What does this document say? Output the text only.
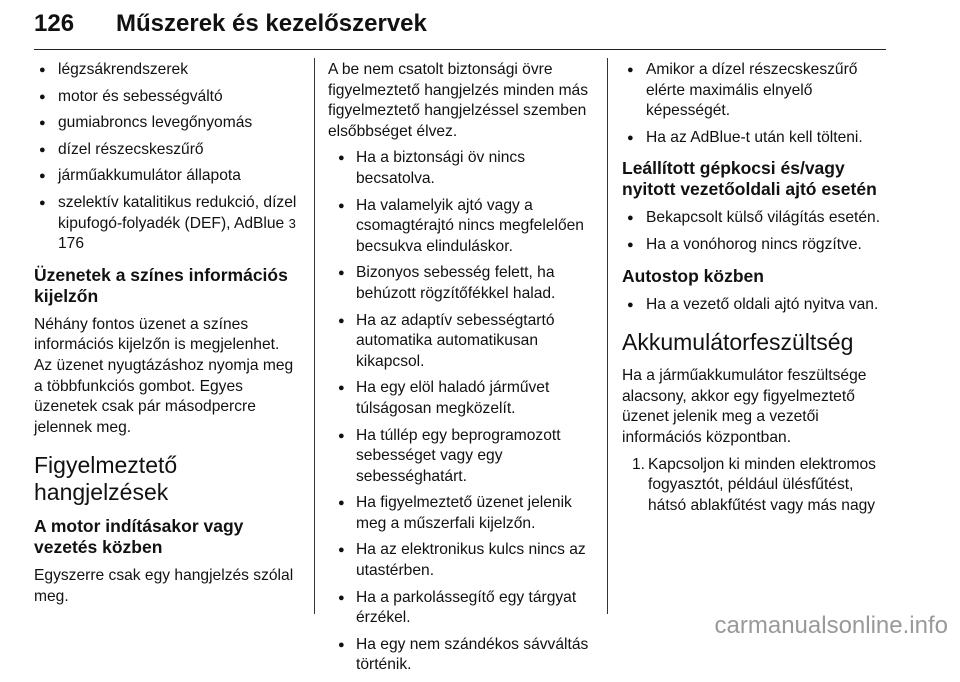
126 Műszerek és kezelőszervek
● légzsákrendszerek
● motor és sebességváltó
● gumiabroncs levegőnyomás
● dízel részecskeszűrő
● járműakkumulátor állapota
● szelektív katalitikus redukció, dízel kipufogó-folyadék (DEF), AdBlue 3 176
Üzenetek a színes információs kijelzőn

Néhány fontos üzenet a színes információs kijelzőn is megjelenhet. Az üzenet nyugtázáshoz nyomja meg a többfunkciós gombot. Egyes üzenetek csak pár másodpercre jelennek meg.

Figyelmeztető hangjelzések
A motor indításakor vagy vezetés közben

Egyszerre csak egy hangjelzés szólal meg.

A be nem csatolt biztonsági övre figyelmeztető hangjelzés minden más figyelmeztető hangjelzéssel szemben elsőbbséget élvez.

● Ha a biztonsági öv nincs becsatolva.
● Ha valamelyik ajtó vagy a csomagtérajtó nincs megfelelően becsukva elinduláskor.
● Bizonyos sebesség felett, ha behúzott rögzítőfékkel halad.
● Ha az adaptív sebességtartó automatika automatikusan kikapcsol.
● Ha egy elöl haladó járművet túlságosan megközelít.
● Ha túllép egy beprogramozott sebességet vagy egy sebességhatárt.
● Ha figyelmeztető üzenet jelenik meg a műszerfali kijelzőn.
● Ha az elektronikus kulcs nincs az utastérben.
● Ha a parkolássegítő egy tárgyat érzékel.
● Ha egy nem szándékos sávváltás történik.
● Amikor a dízel részecskeszűrő elérte maximális elnyelő képességét.
● Ha az AdBlue-t után kell tölteni.
Leállított gépkocsi és/vagy nyitott vezetőoldali ajtó esetén
● Bekapcsolt külső világítás esetén.
● Ha a vonóhorog nincs rögzítve.
Autostop közben
● Ha a vezető oldali ajtó nyitva van.
Akkumulátorfeszültség

Ha a járműakkumulátor feszültsége alacsony, akkor egy figyelmeztető üzenet jelenik meg a vezetői információs központban.

1. Kapcsoljon ki minden elektromos fogyasztót, például ülésfűtést, hátsó ablakfűtést vagy más nagy
carmanualsonline.info
